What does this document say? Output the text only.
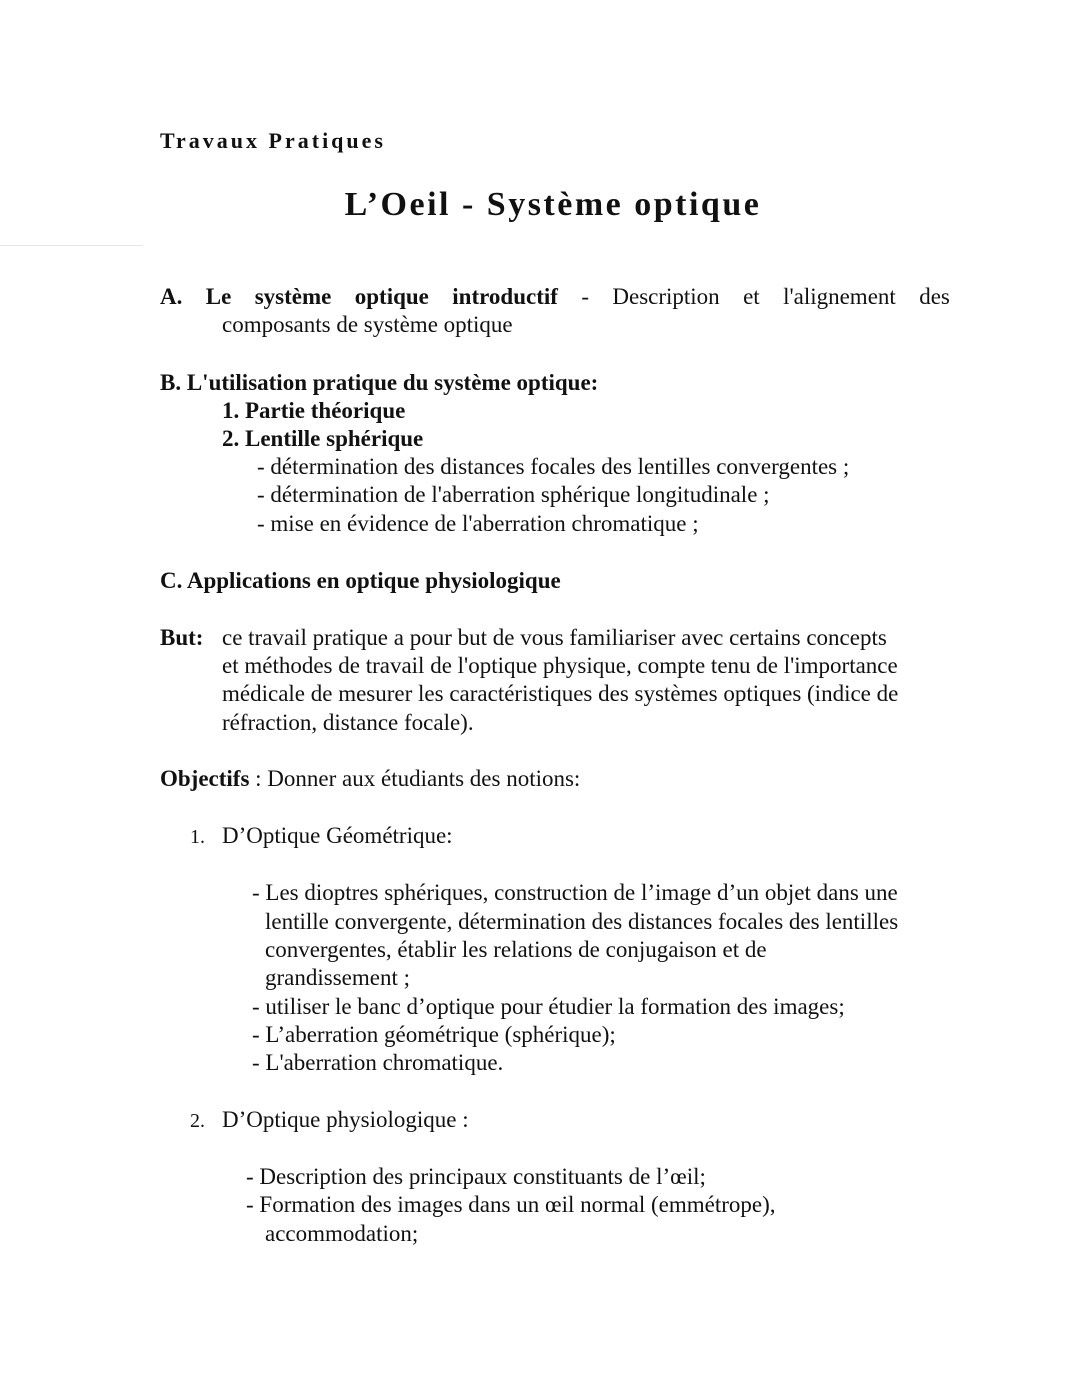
Travaux Pratiques
L’Oeil - Système optique
A. Le système optique introductif - Description et l'alignement des
composants de système optique
B. L'utilisation pratique du système optique:
1. Partie théorique
2. Lentille sphérique
- détermination des distances focales des lentilles convergentes ;
- détermination de l'aberration sphérique longitudinale ;
- mise en évidence de l'aberration chromatique ;
C. Applications en optique physiologique
But: ce travail pratique a pour but de vous familiariser avec certains concepts
et méthodes de travail de l'optique physique, compte tenu de l'importance
médicale de mesurer les caractéristiques des systèmes optiques (indice de
réfraction, distance focale).
Objectifs : Donner aux étudiants des notions:
1. D’Optique Géométrique:
- Les dioptres sphériques, construction de l’image d’un objet dans une
lentille convergente, détermination des distances focales des lentilles
convergentes, établir les relations de conjugaison et de
grandissement ;
- utiliser le banc d’optique pour étudier la formation des images;
- L’aberration géométrique (sphérique);
- L'aberration chromatique.
2. D’Optique physiologique :
- Description des principaux constituants de l’œil;
- Formation des images dans un œil normal (emmétrope),
accommodation;
